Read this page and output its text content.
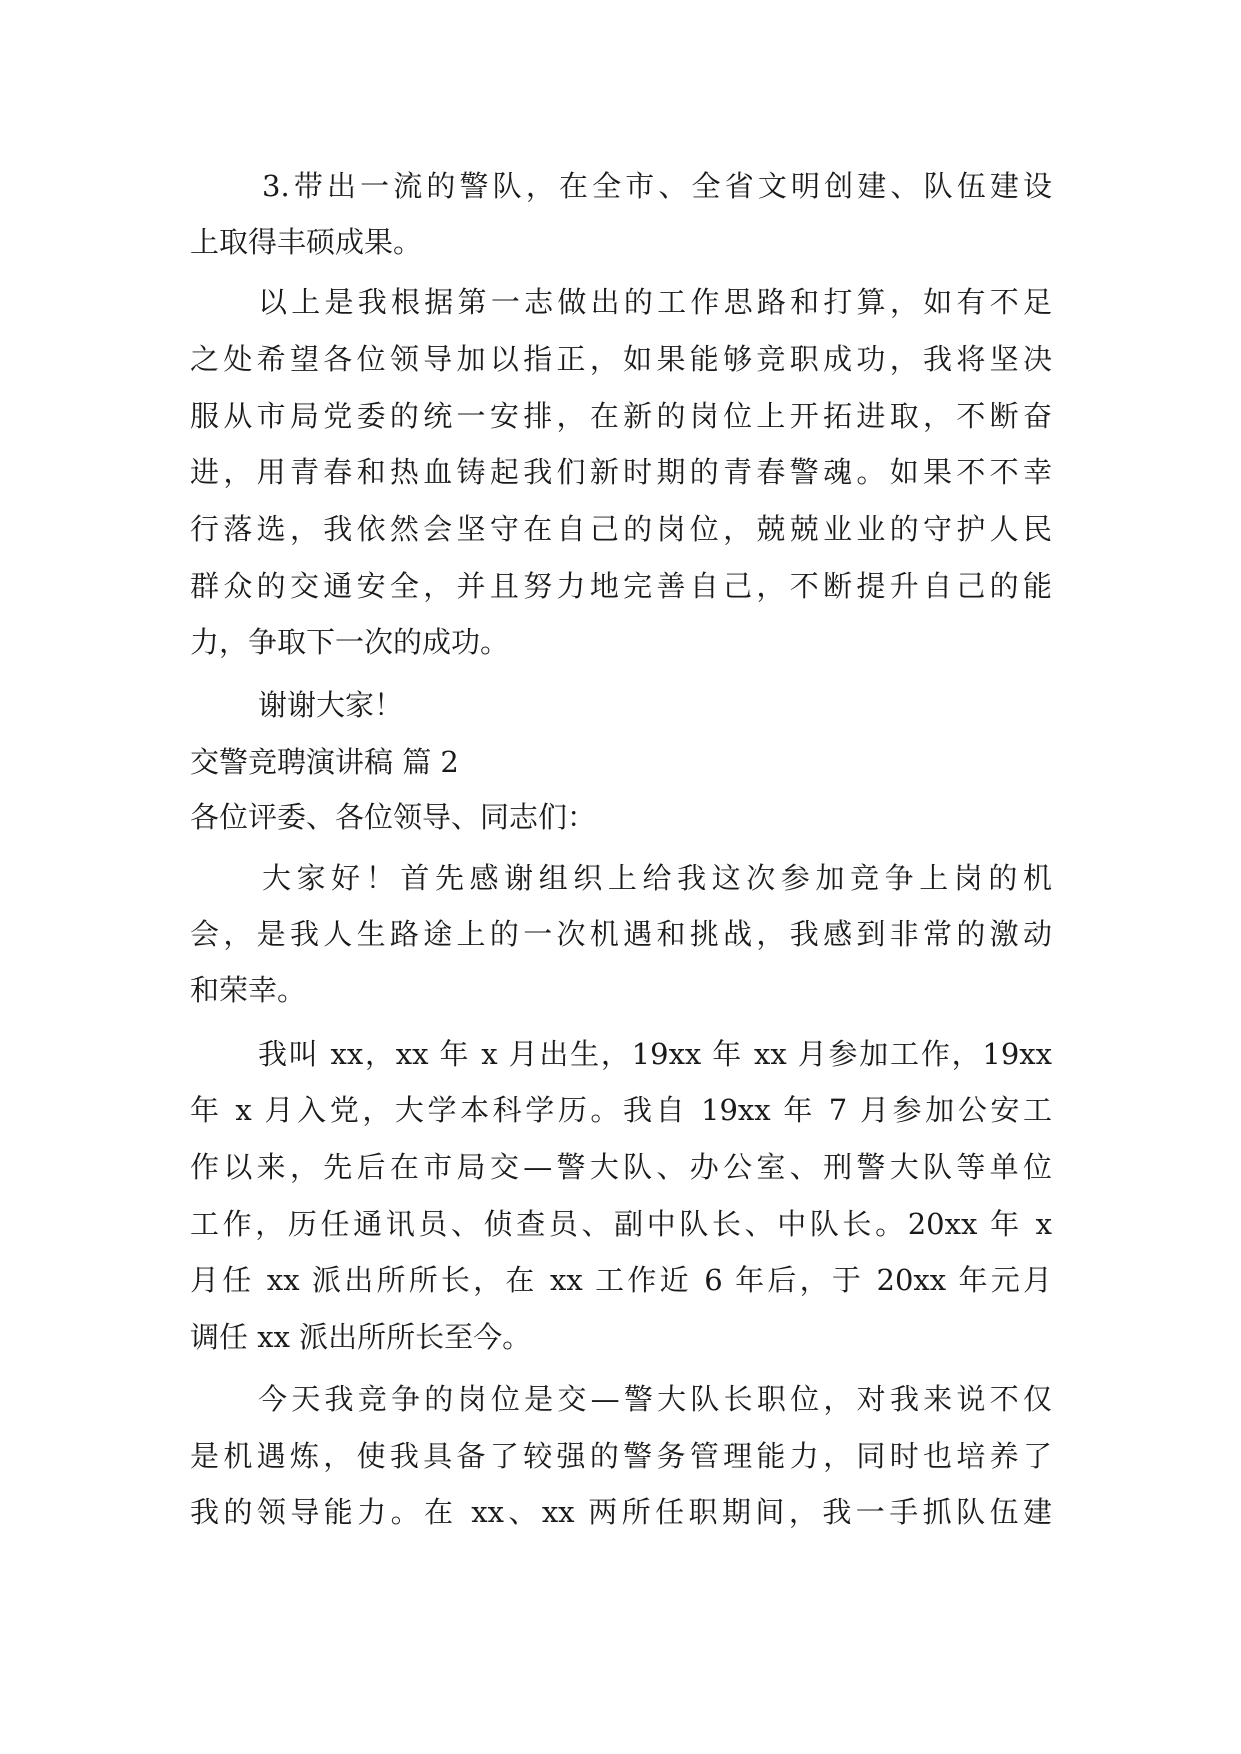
3.带出一流的警队，在全市、全省文明创建、队伍建设
上取得丰硕成果。
以上是我根据第一志做出的工作思路和打算，如有不足
之处希望各位领导加以指正，如果能够竞职成功，我将坚决
服从市局党委的统一安排，在新的岗位上开拓进取，不断奋
进，用青春和热血铸起我们新时期的青春警魂。如果不不幸
行落选，我依然会坚守在自己的岗位，兢兢业业的守护人民
群众的交通安全，并且努力地完善自己，不断提升自己的能
力，争取下一次的成功。
谢谢大家！
交警竞聘演讲稿 篇 2
各位评委、各位领导、同志们：
大家好！首先感谢组织上给我这次参加竞争上岗的机
会，是我人生路途上的一次机遇和挑战，我感到非常的激动
和荣幸。
我叫 xx，xx 年 x 月出生，19xx 年 xx 月参加工作，19xx
年 x 月入党，大学本科学历。我自 19xx 年 7 月参加公安工
作以来，先后在市局交—警大队、办公室、刑警大队等单位
工作，历任通讯员、侦查员、副中队长、中队长。20xx 年 x
月任 xx 派出所所长，在 xx 工作近 6 年后，于 20xx 年元月
调任 xx 派出所所长至今。
今天我竞争的岗位是交—警大队长职位，对我来说不仅
是机遇炼，使我具备了较强的警务管理能力，同时也培养了
我的领导能力。在 xx、xx 两所任职期间，我一手抓队伍建
